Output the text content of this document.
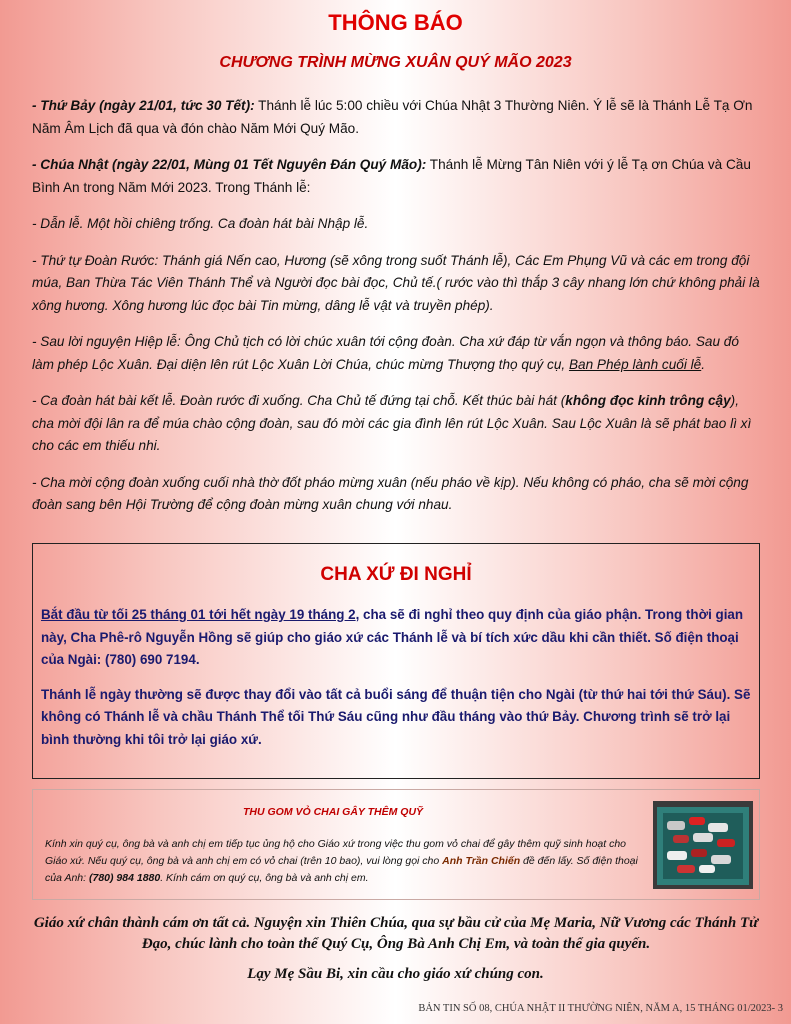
THÔNG BÁO
CHƯƠNG TRÌNH MỪNG XUÂN QUÝ MÃO 2023

- Thứ Bảy (ngày 21/01, tức 30 Tết): Thánh lễ lúc 5:00 chiều với Chúa Nhật 3 Thường Niên. Ý lễ sẽ là Thánh Lễ Tạ Ơn Năm Âm Lịch đã qua và đón chào Năm Mới Quý Mão.

- Chúa Nhật (ngày 22/01, Mùng 01 Tết Nguyên Đán Quý Mão): Thánh lễ Mừng Tân Niên với ý lễ Tạ ơn Chúa và Cầu Bình An trong Năm Mới 2023. Trong Thánh lễ:

- Dẫn lễ. Một hồi chiêng trống. Ca đoàn hát bài Nhập lễ.

- Thứ tự Đoàn Rước: Thánh giá Nến cao, Hương (sẽ xông trong suốt Thánh lễ), Các Em Phụng Vũ và các em trong đội múa, Ban Thừa Tác Viên Thánh Thể và Người đọc bài đọc, Chủ tế.( rước vào thì thắp 3 cây nhang lớn chứ không phải là xông hương. Xông hương lúc đọc bài Tin mừng, dâng lễ vật và truyền phép).

- Sau lời nguyện Hiệp lễ: Ông Chủ tịch có lời chúc xuân tới cộng đoàn. Cha xứ đáp từ vắn ngọn và thông báo. Sau đó làm phép Lộc Xuân. Đại diện lên rút Lộc Xuân Lời Chúa, chúc mừng Thượng thọ quý cụ, Ban Phép lành cuối lễ.

- Ca đoàn hát bài kết lễ. Đoàn rước đi xuống. Cha Chủ tế đứng tại chỗ. Kết thúc bài hát (không đọc kinh trông cậy), cha mời đội lân ra để múa chào cộng đoàn, sau đó mời các gia đình lên rút Lộc Xuân. Sau Lộc Xuân là sẽ phát bao lì xì cho các em thiếu nhi.

- Cha mời cộng đoàn xuống cuối nhà thờ đốt pháo mừng xuân (nếu pháo về kịp). Nếu không có pháo, cha sẽ mời cộng đoàn sang bên Hội Trường để cộng đoàn mừng xuân chung với nhau.

CHA XỨ ĐI NGHỈ

Bắt đầu từ tối 25 tháng 01 tới hết ngày 19 tháng 2, cha sẽ đi nghỉ theo quy định của giáo phận. Trong thời gian này, Cha Phê-rô Nguyễn Hồng sẽ giúp cho giáo xứ các Thánh lễ và bí tích xức dầu khi cần thiết. Số điện thoại của Ngài: (780) 690 7194.

Thánh lễ ngày thường sẽ được thay đổi vào tất cả buổi sáng để thuận tiện cho Ngài (từ thứ hai tới thứ Sáu). Sẽ không có Thánh lễ và chầu Thánh Thể tối Thứ Sáu cũng như đầu tháng vào thứ Bảy. Chương trình sẽ trở lại bình thường khi tôi trở lại giáo xứ.

THU GOM VỎ CHAI GÂY THÊM QUỸ
Kính xin quý cụ, ông bà và anh chị em tiếp tục ủng hộ cho Giáo xứ trong việc thu gom vỏ chai để gây thêm quỹ sinh hoạt cho Giáo xứ. Nếu quý cụ, ông bà và anh chị em có vỏ chai (trên 10 bao), vui lòng gọi cho Anh Trần Chiến đề đến lấy. Số điện thoại của Anh: (780) 984 1880. Kính cám ơn quý cụ, ông bà và anh chị em.
Giáo xứ chân thành cám ơn tất cả. Nguyện xin Thiên Chúa, qua sự bầu cử của Mẹ Maria, Nữ Vương các Thánh Tử Đạo, chúc lành cho toàn thể Quý Cụ, Ông Bà Anh Chị Em, và toàn thể gia quyến.
Lạy Mẹ Sầu Bi, xin cầu cho giáo xứ chúng con.
BẢN TIN SỐ 08, CHÚA NHẬT II THƯỜNG NIÊN, NĂM A, 15 THÁNG 01/2023- 3
